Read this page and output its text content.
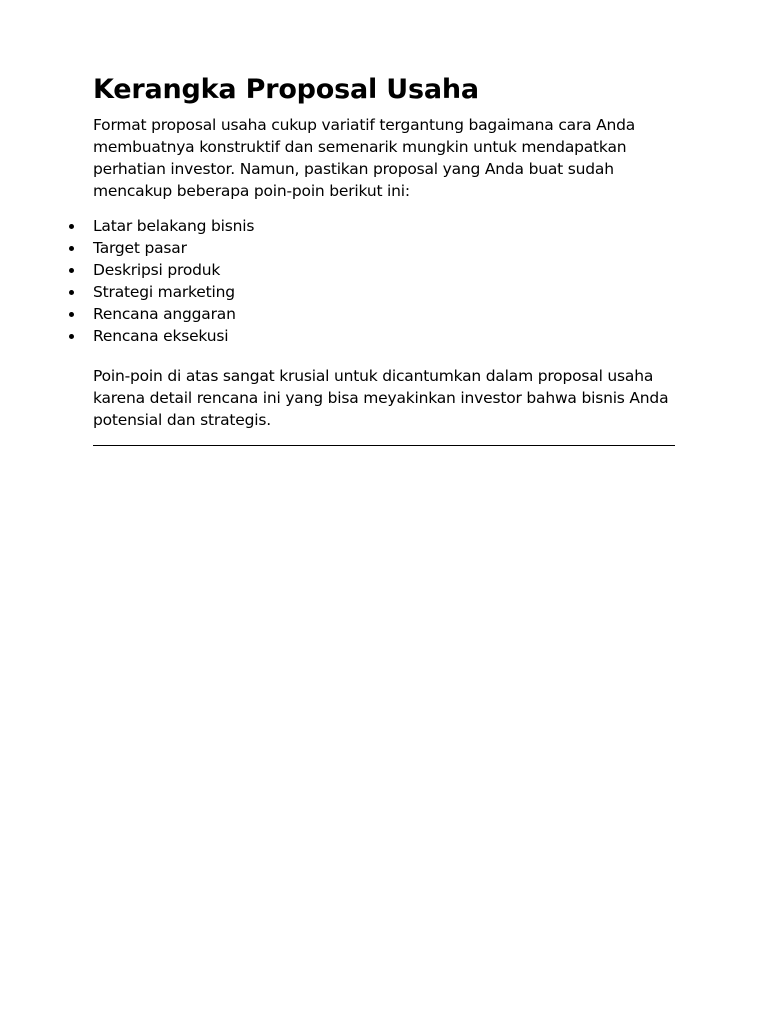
Kerangka Proposal Usaha

Format proposal usaha cukup variatif tergantung bagaimana cara Anda membuatnya konstruktif dan semenarik mungkin untuk mendapatkan perhatian investor. Namun, pastikan proposal yang Anda buat sudah mencakup beberapa poin-poin berikut ini:

Latar belakang bisnis
Target pasar
Deskripsi produk
Strategi marketing
Rencana anggaran
Rencana eksekusi

Poin-poin di atas sangat krusial untuk dicantumkan dalam proposal usaha karena detail rencana ini yang bisa meyakinkan investor bahwa bisnis Anda potensial dan strategis.
